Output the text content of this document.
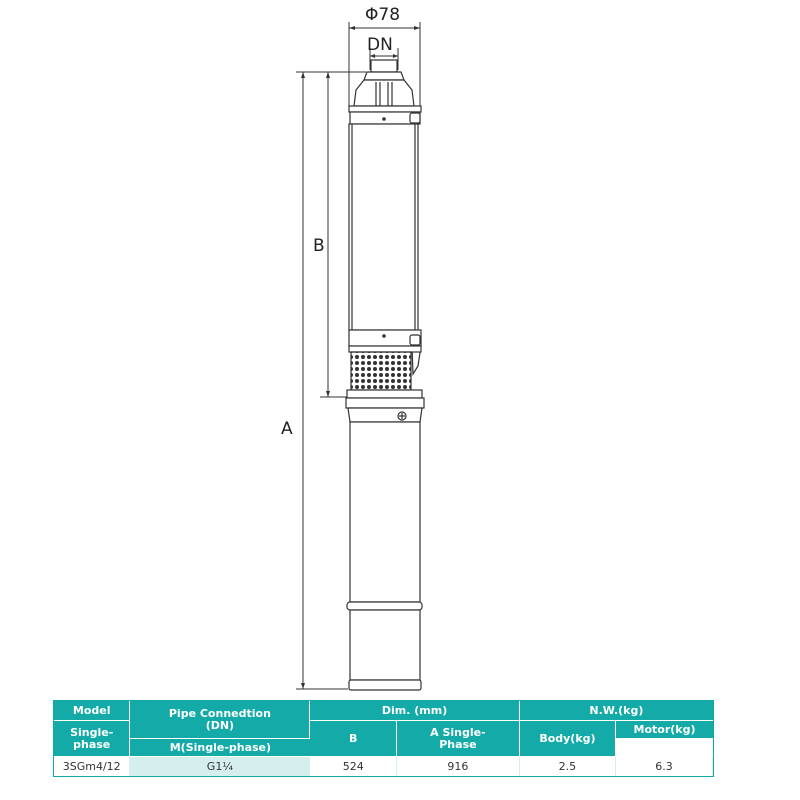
Φ78
DN
A
B
Model	Pipe Connedtion (DN)	Dim. (mm)		N.W.(kg)	
Single-phase		B	A Single-Phase	Body(kg)	Motor(kg)
	M(Single-phase)				
3SGm4/12	G1¼	524	916	2.5	6.3
